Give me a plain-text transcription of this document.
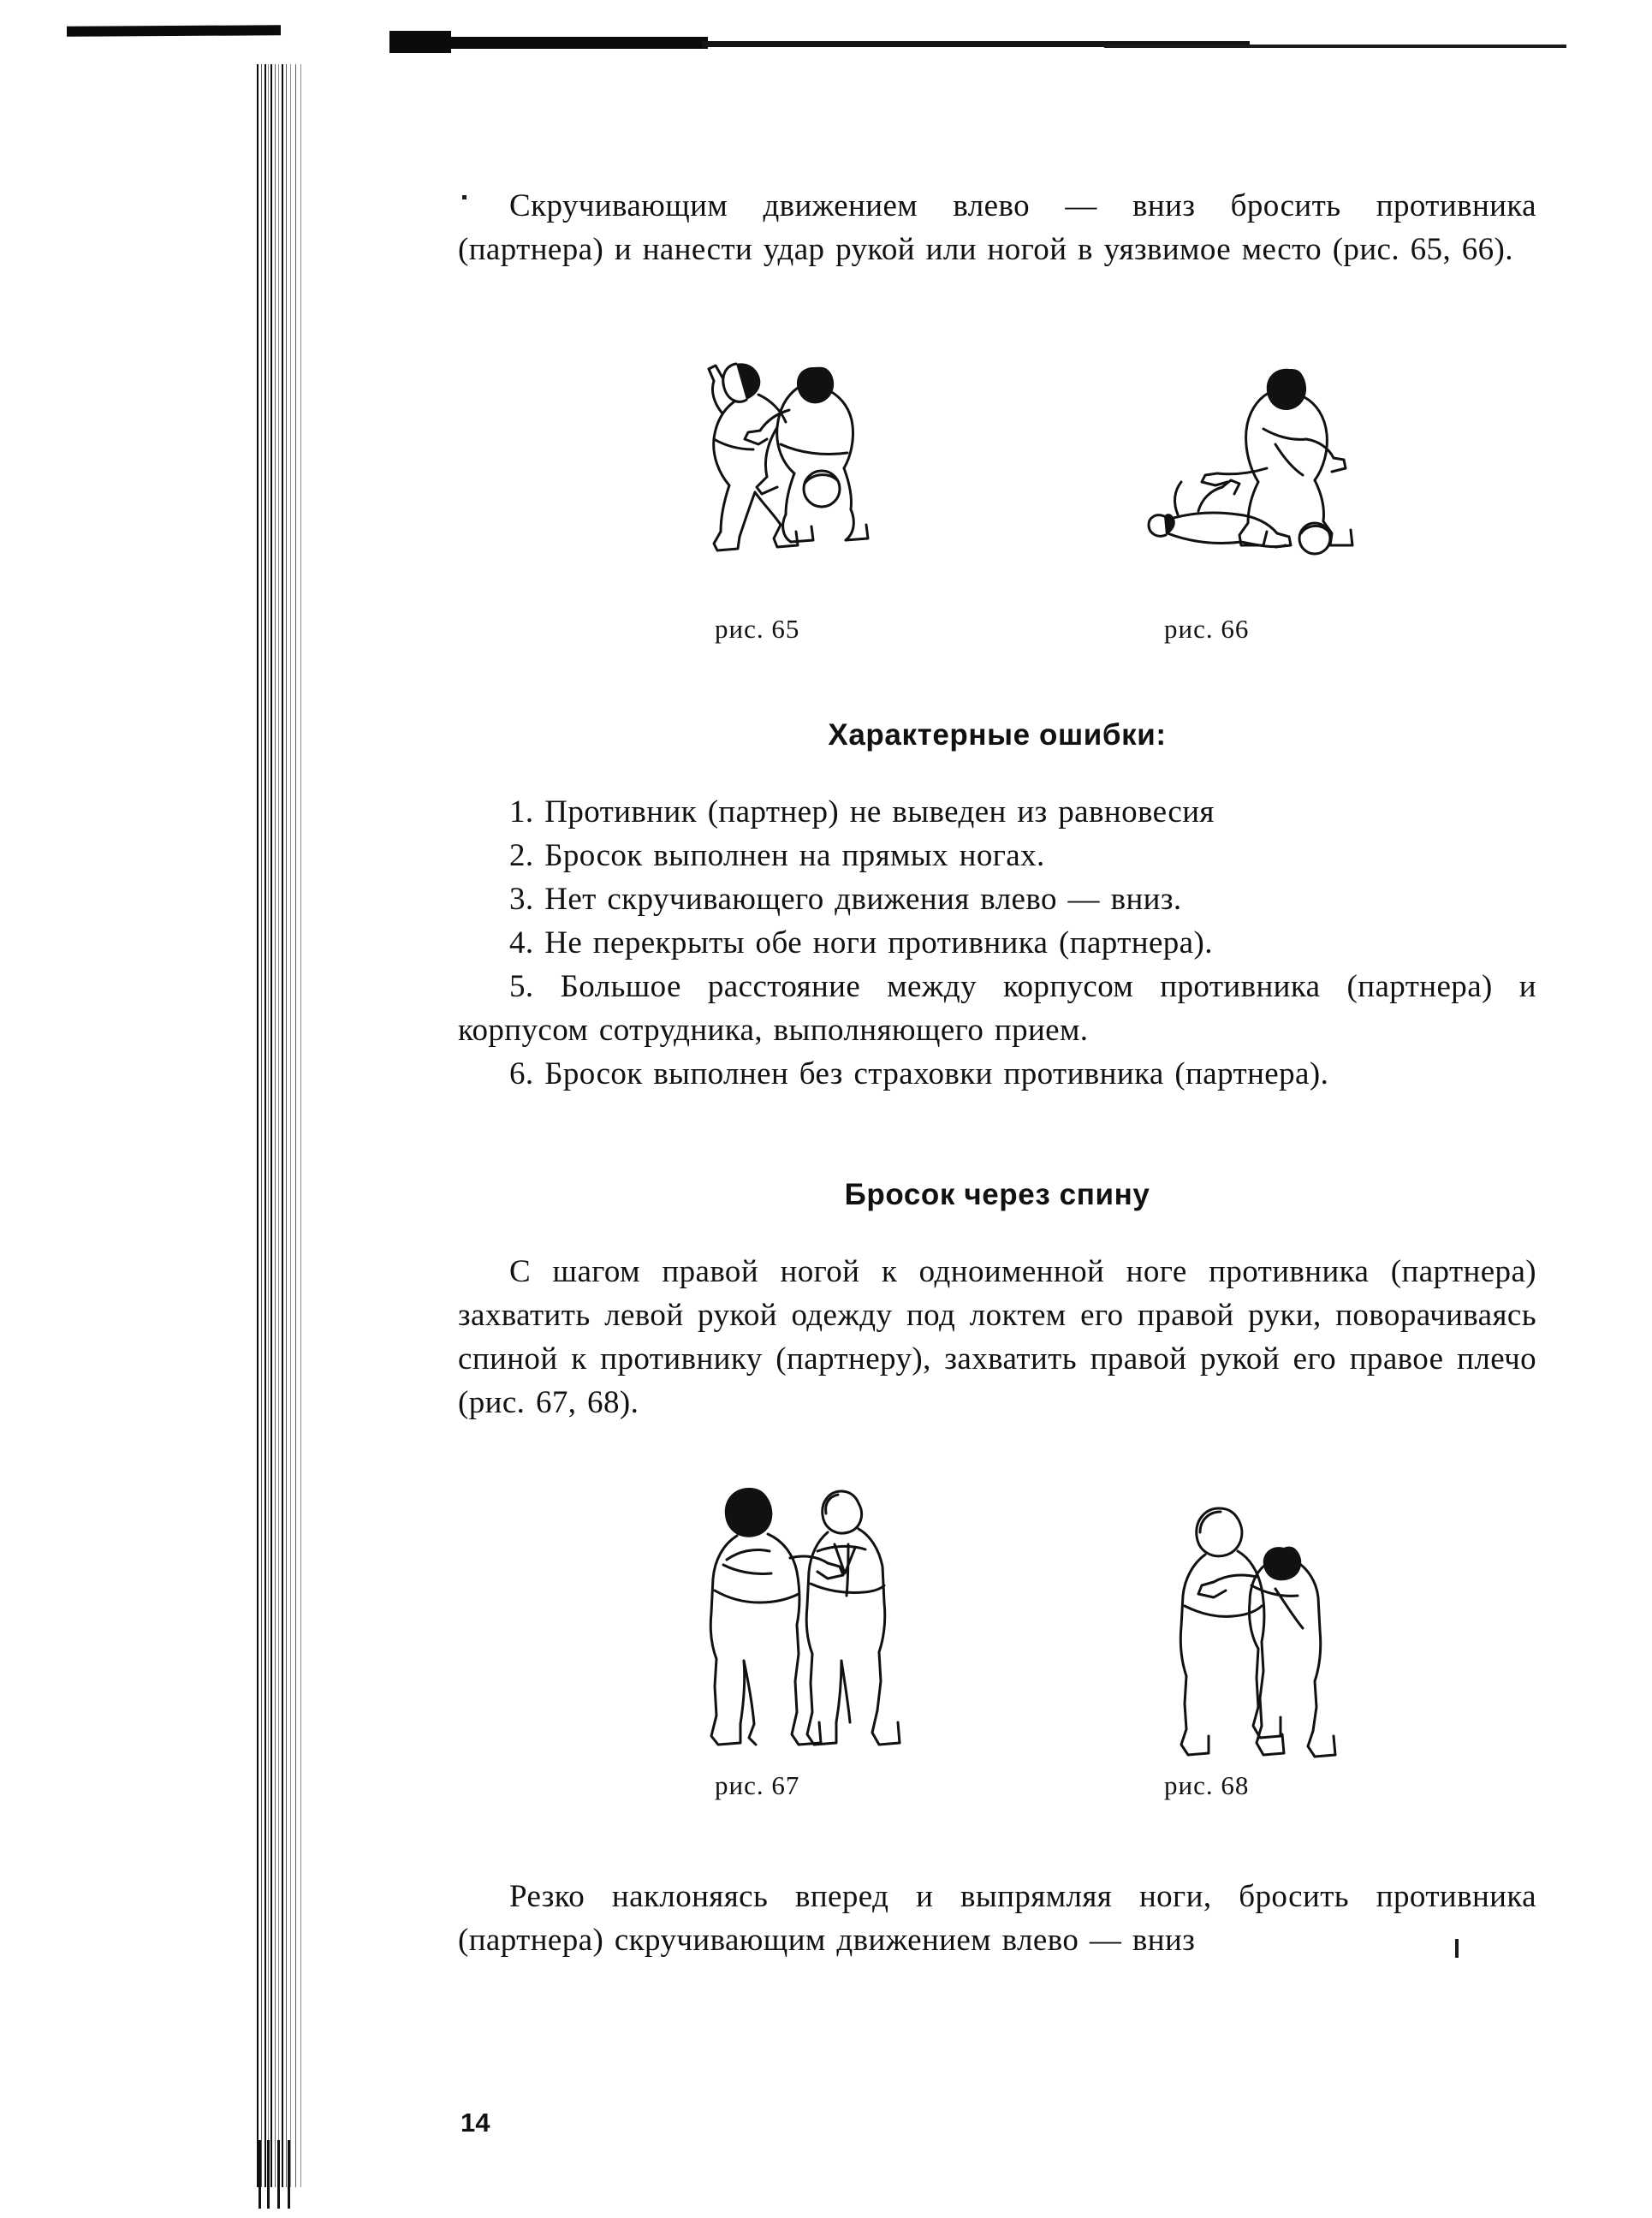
Скручивающим движением влево — вниз бросить противника (партнера) и нанести удар рукой или ногой в уязвимое место (рис. 65, 66).

рис. 65	рис. 66
Характерные ошибки:
1. Противник (партнер) не выведен из равновесия
2. Бросок выполнен на прямых ногах.
3. Нет скручивающего движения влево — вниз.
4. Не перекрыты обе ноги противника (партнера).
5. Большое расстояние между корпусом противника (партнера) и корпусом сотрудника, выполняющего прием.
6. Бросок выполнен без страховки противника (партнера).
Бросок через спину

С шагом правой ногой к одноименной ноге противника (партнера) захватить левой рукой одежду под локтем его правой руки, поворачиваясь спиной к противнику (партнеру), захватить правой рукой его правое плечо (рис. 67, 68).

рис. 67	рис. 68

Резко наклоняясь вперед и выпрямляя ноги, бросить противника (партнера) скручивающим движением влево — вниз

14
